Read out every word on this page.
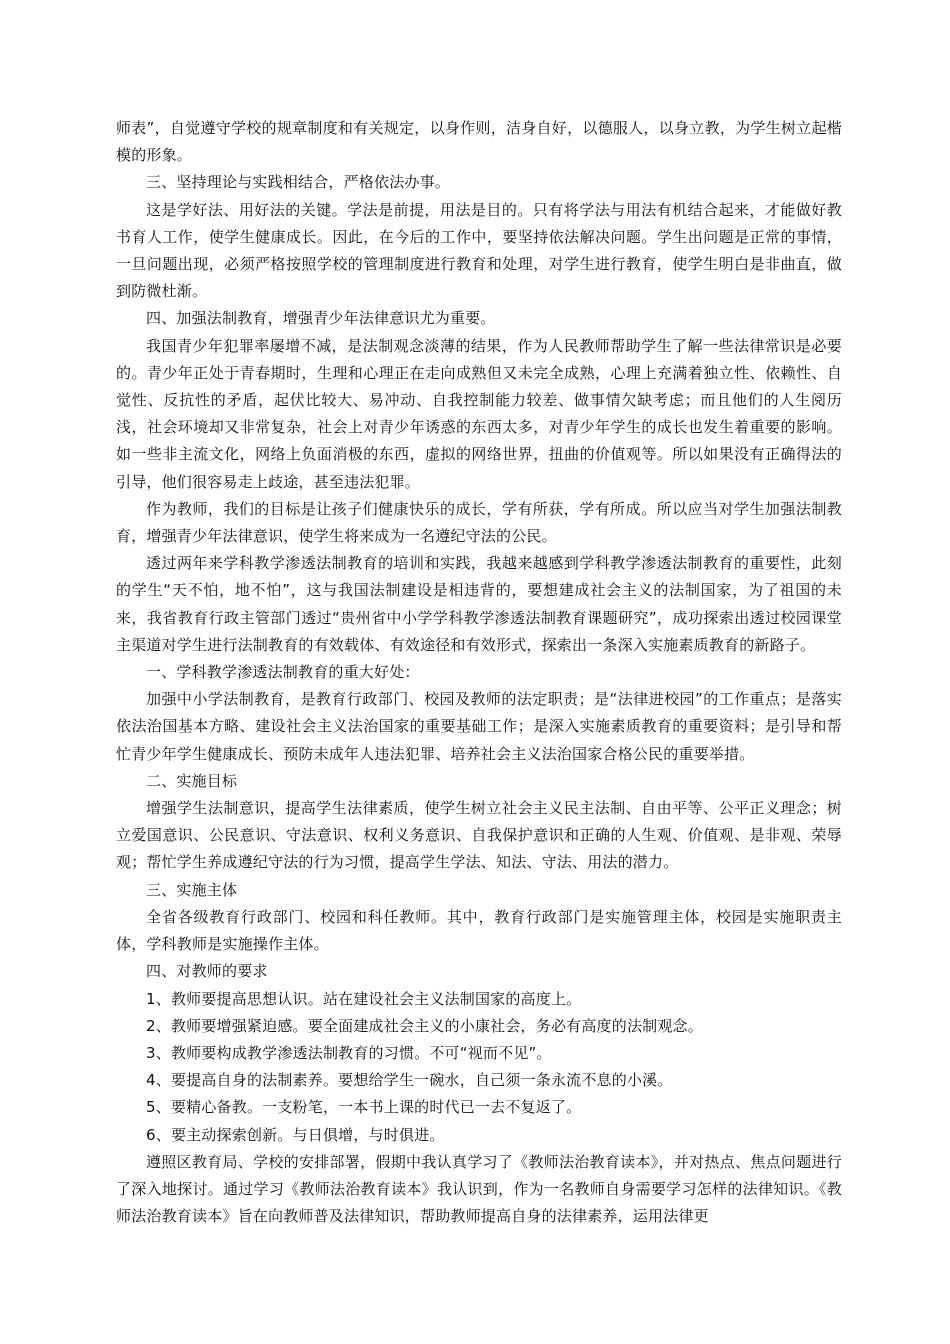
师表”，自觉遵守学校的规章制度和有关规定，以身作则，洁身自好，以德服人，以身立教，为学生树立起楷模的形象。

三、坚持理论与实践相结合，严格依法办事。

这是学好法、用好法的关键。学法是前提，用法是目的。只有将学法与用法有机结合起来，才能做好教书育人工作，使学生健康成长。因此，在今后的工作中，要坚持依法解决问题。学生出问题是正常的事情，一旦问题出现，必须严格按照学校的管理制度进行教育和处理，对学生进行教育，使学生明白是非曲直，做到防微杜渐。

四、加强法制教育，增强青少年法律意识尤为重要。

我国青少年犯罪率屡增不减，是法制观念淡薄的结果，作为人民教师帮助学生了解一些法律常识是必要的。青少年正处于青春期时，生理和心理正在走向成熟但又未完全成熟，心理上充满着独立性、依赖性、自觉性、反抗性的矛盾，起伏比较大、易冲动、自我控制能力较差、做事情欠缺考虑；而且他们的人生阅历浅，社会环境却又非常复杂，社会上对青少年诱惑的东西太多，对青少年学生的成长也发生着重要的影响。如一些非主流文化，网络上负面消极的东西，虚拟的网络世界，扭曲的价值观等。所以如果没有正确得法的引导，他们很容易走上歧途，甚至违法犯罪。

作为教师，我们的目标是让孩子们健康快乐的成长，学有所获，学有所成。所以应当对学生加强法制教育，增强青少年法律意识，使学生将来成为一名遵纪守法的公民。

透过两年来学科教学渗透法制教育的培训和实践，我越来越感到学科教学渗透法制教育的重要性，此刻的学生“天不怕，地不怕”，这与我国法制建设是相违背的，要想建成社会主义的法制国家，为了祖国的未来，我省教育行政主管部门透过“贵州省中小学学科教学渗透法制教育课题研究”，成功探索出透过校园课堂主渠道对学生进行法制教育的有效载体、有效途径和有效形式，探索出一条深入实施素质教育的新路子。

一、学科教学渗透法制教育的重大好处：

加强中小学法制教育，是教育行政部门、校园及教师的法定职责；是“法律进校园”的工作重点；是落实依法治国基本方略、建设社会主义法治国家的重要基础工作；是深入实施素质教育的重要资料；是引导和帮忙青少年学生健康成长、预防未成年人违法犯罪、培养社会主义法治国家合格公民的重要举措。

二、实施目标

增强学生法制意识，提高学生法律素质，使学生树立社会主义民主法制、自由平等、公平正义理念；树立爱国意识、公民意识、守法意识、权利义务意识、自我保护意识和正确的人生观、价值观、是非观、荣辱观；帮忙学生养成遵纪守法的行为习惯，提高学生学法、知法、守法、用法的潜力。

三、实施主体

全省各级教育行政部门、校园和科任教师。其中，教育行政部门是实施管理主体，校园是实施职责主体，学科教师是实施操作主体。

四、对教师的要求

1、教师要提高思想认识。站在建设社会主义法制国家的高度上。

2、教师要增强紧迫感。要全面建成社会主义的小康社会，务必有高度的法制观念。

3、教师要构成教学渗透法制教育的习惯。不可“视而不见”。

4、要提高自身的法制素养。要想给学生一碗水，自己须一条永流不息的小溪。

5、要精心备教。一支粉笔，一本书上课的时代已一去不复返了。

6、要主动探索创新。与日俱增，与时俱进。

遵照区教育局、学校的安排部署，假期中我认真学习了《教师法治教育读本》，并对热点、焦点问题进行了深入地探讨。通过学习《教师法治教育读本》我认识到，作为一名教师自身需要学习怎样的法律知识。《教师法治教育读本》旨在向教师普及法律知识，帮助教师提高自身的法律素养，运用法律更
